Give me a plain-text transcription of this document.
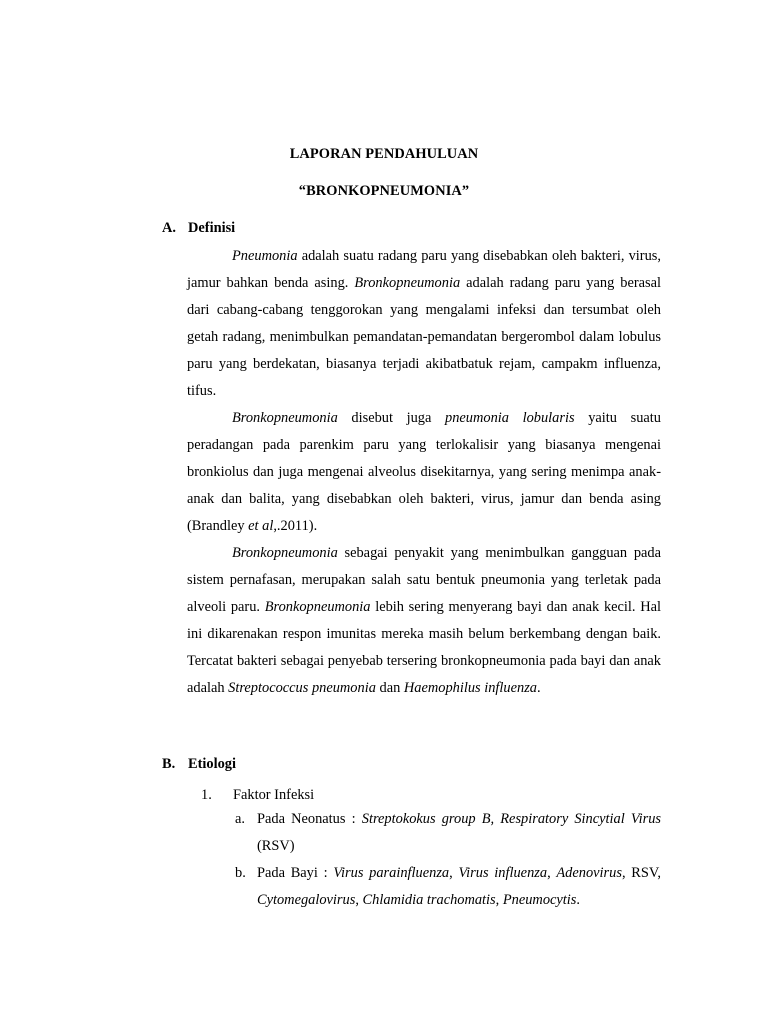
LAPORAN PENDAHULUAN
“BRONKOPNEUMONIA”
A. Definisi

Pneumonia adalah suatu radang paru yang disebabkan oleh bakteri, virus, jamur bahkan benda asing. Bronkopneumonia adalah radang paru yang berasal dari cabang-cabang tenggorokan yang mengalami infeksi dan tersumbat oleh getah radang, menimbulkan pemandatan-pemandatan bergerombol dalam lobulus paru yang berdekatan, biasanya terjadi akibatbatuk rejam, campakm influenza, tifus.

Bronkopneumonia disebut juga pneumonia lobularis yaitu suatu peradangan pada parenkim paru yang terlokalisir yang biasanya mengenai bronkiolus dan juga mengenai alveolus disekitarnya, yang sering menimpa anak-anak dan balita, yang disebabkan oleh bakteri, virus, jamur dan benda asing (Brandley et al,.2011).

Bronkopneumonia sebagai penyakit yang menimbulkan gangguan pada sistem pernafasan, merupakan salah satu bentuk pneumonia yang terletak pada alveoli paru. Bronkopneumonia lebih sering menyerang bayi dan anak kecil. Hal ini dikarenakan respon imunitas mereka masih belum berkembang dengan baik. Tercatat bakteri sebagai penyebab tersering bronkopneumonia pada bayi dan anak adalah Streptococcus pneumonia dan Haemophilus influenza.

B. Etiologi
1. Faktor Infeksi
a. Pada Neonatus : Streptokokus group B, Respiratory Sincytial Virus (RSV)
b. Pada Bayi : Virus parainfluenza, Virus influenza, Adenovirus, RSV, Cytomegalovirus, Chlamidia trachomatis, Pneumocytis.
